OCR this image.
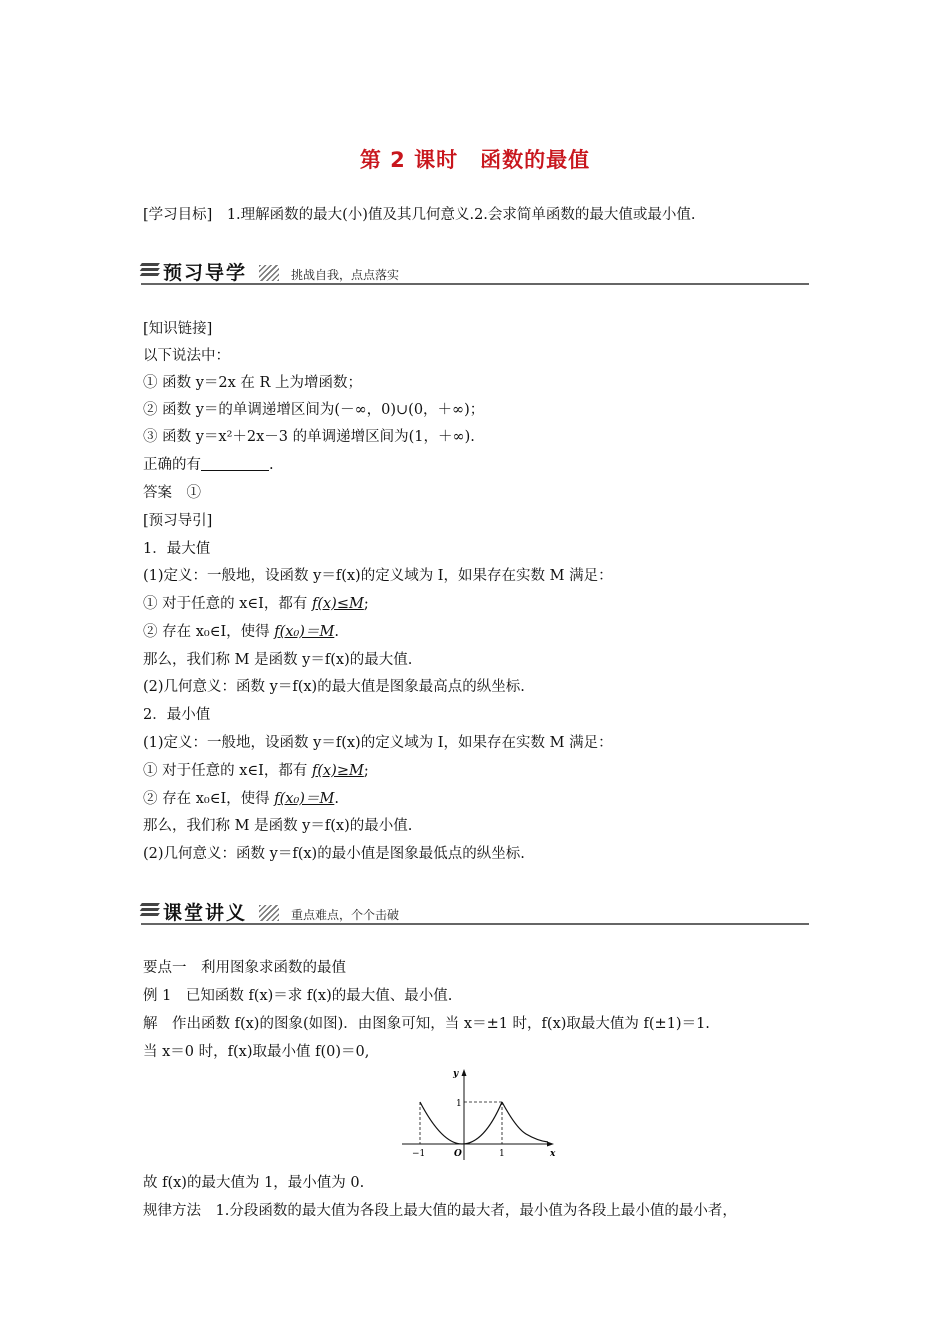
第 2 课时　函数的最值
[学习目标]　1.理解函数的最大(小)值及其几何意义.2.会求简单函数的最大值或最小值.
预习导学	挑战自我，点点落实
[知识链接]
以下说法中：
① 函数 y＝2x 在 R 上为增函数；
② 函数 y＝的单调递增区间为(－∞，0)∪(0，＋∞)；
③ 函数 y＝x²＋2x－3 的单调递增区间为(1，＋∞).
正确的有	.
答案　①
[预习导引]
1．最大值
(1)定义：一般地，设函数 y＝f(x)的定义域为 I，如果存在实数 M 满足：
① 对于任意的 x∈I，都有 f(x)≤M;
② 存在 x₀∈I，使得 f(x₀)＝M.
那么，我们称 M 是函数 y＝f(x)的最大值.
(2)几何意义：函数 y＝f(x)的最大值是图象最高点的纵坐标.
2．最小值
(1)定义：一般地，设函数 y＝f(x)的定义域为 I，如果存在实数 M 满足：
① 对于任意的 x∈I，都有 f(x)≥M;
② 存在 x₀∈I，使得 f(x₀)＝M.
那么，我们称 M 是函数 y＝f(x)的最小值.
(2)几何意义：函数 y＝f(x)的最小值是图象最低点的纵坐标.
课堂讲义	重点难点，个个击破
要点一　利用图象求函数的最值
例 1　已知函数 f(x)＝求 f(x)的最大值、最小值.
解　作出函数 f(x)的图象(如图)．由图象可知，当 x＝±1 时，f(x)取最大值为 f(±1)＝1.
当 x＝0 时，f(x)取最小值 f(0)＝0,
y
x
O
1
−1	1
故 f(x)的最大值为 1，最小值为 0.
规律方法　1.分段函数的最大值为各段上最大值的最大者，最小值为各段上最小值的最小者，
